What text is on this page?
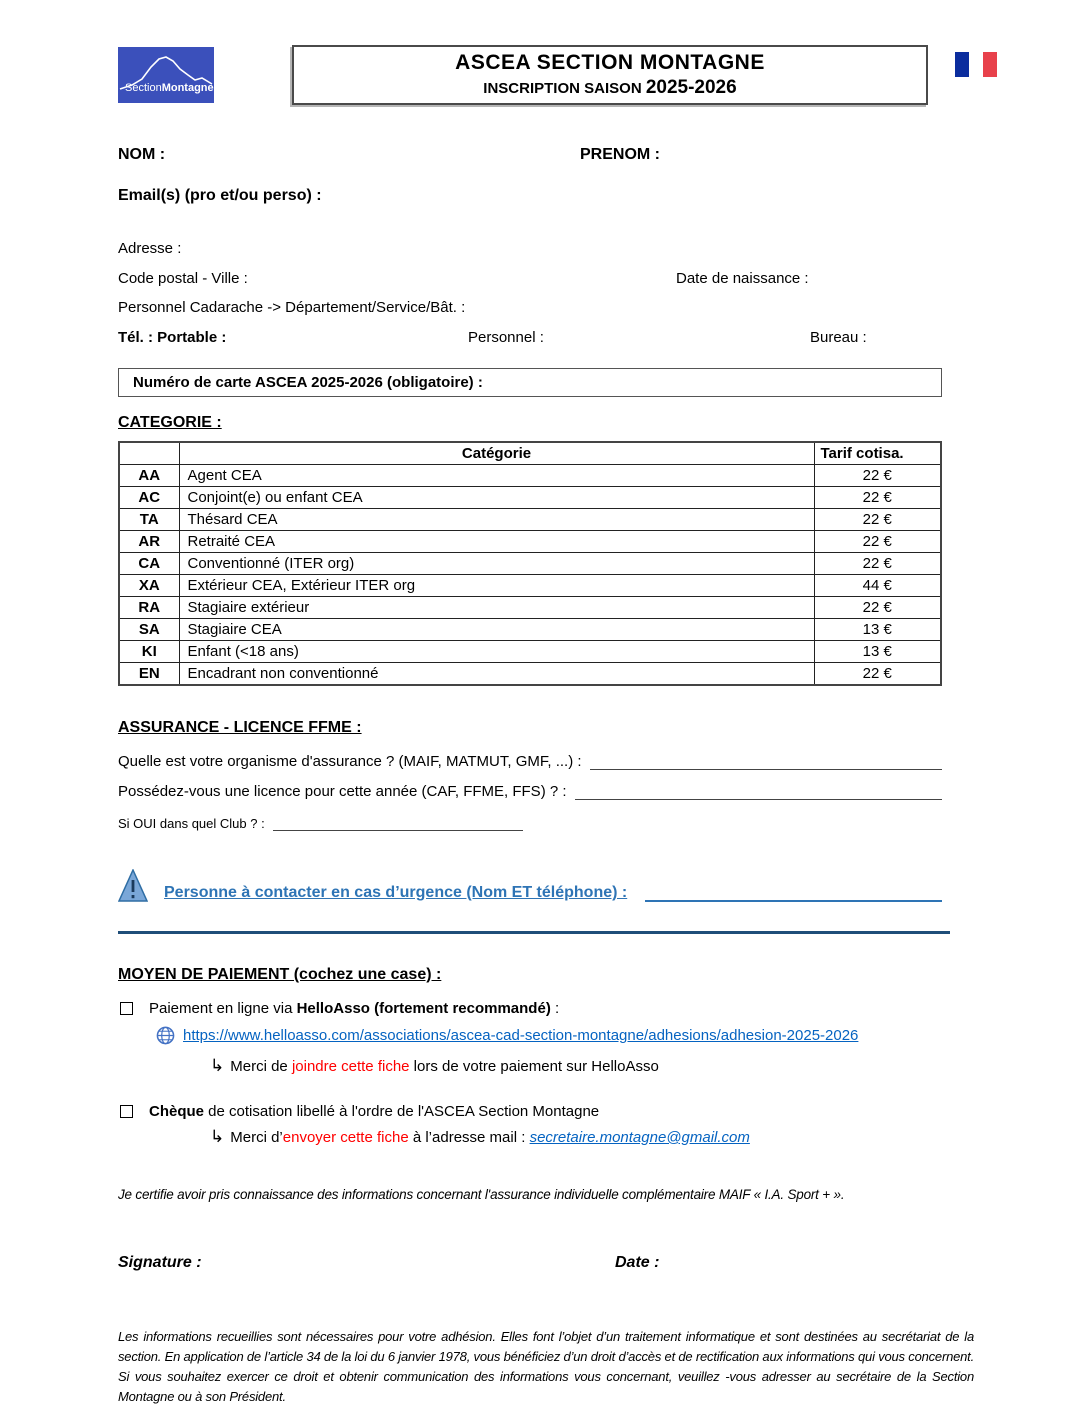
SectionMontagne
ASCEA SECTION MONTAGNE
INSCRIPTION SAISON 2025-2026
NOM :	PRENOM :
Email(s) (pro et/ou perso) :
Adresse :
Code postal - Ville :	Date de naissance :
Personnel Cadarache -> Département/Service/Bât. :
Tél. : Portable :	Personnel :	Bureau :
Numéro de carte ASCEA 2025-2026 (obligatoire) :
CATEGORIE :
	Catégorie	Tarif cotisa.
AA	Agent CEA	22 €
AC	Conjoint(e) ou enfant CEA	22 €
TA	Thésard CEA	22 €
AR	Retraité CEA	22 €
CA	Conventionné (ITER org)	22 €
XA	Extérieur CEA, Extérieur ITER org	44 €
RA	Stagiaire extérieur	22 €
SA	Stagiaire CEA	13 €
KI	Enfant (<18 ans)	13 €
EN	Encadrant non conventionné	22 €
ASSURANCE - LICENCE FFME :
Quelle est votre organisme d'assurance ? (MAIF, MATMUT, GMF, ...) :
Possédez-vous une licence pour cette année (CAF, FFME, FFS) ? :
Si OUI dans quel Club ? :
Personne à contacter en cas d’urgence (Nom ET téléphone) :
MOYEN DE PAIEMENT (cochez une case) :
Paiement en ligne via HelloAsso (fortement recommandé) :
https://www.helloasso.com/associations/ascea-cad-section-montagne/adhesions/adhesion-2025-2026
↳ Merci de joindre cette fiche lors de votre paiement sur HelloAsso
Chèque de cotisation libellé à l'ordre de l'ASCEA Section Montagne
↳ Merci d’envoyer cette fiche à l’adresse mail : secretaire.montagne@gmail.com
Je certifie avoir pris connaissance des informations concernant l'assurance individuelle complémentaire MAIF « I.A. Sport + ».
Signature :	Date :
Les informations recueillies sont nécessaires pour votre adhésion. Elles font l’objet d’un traitement informatique et sont destinées au secrétariat de la section. En application de l’article 34 de la loi du 6 janvier 1978, vous bénéficiez d’un droit d’accès et de rectification aux informations qui vous concernent. Si vous souhaitez exercer ce droit et obtenir communication des informations vous concernant, veuillez -vous adresser au secrétaire de la Section Montagne ou à son Président.
